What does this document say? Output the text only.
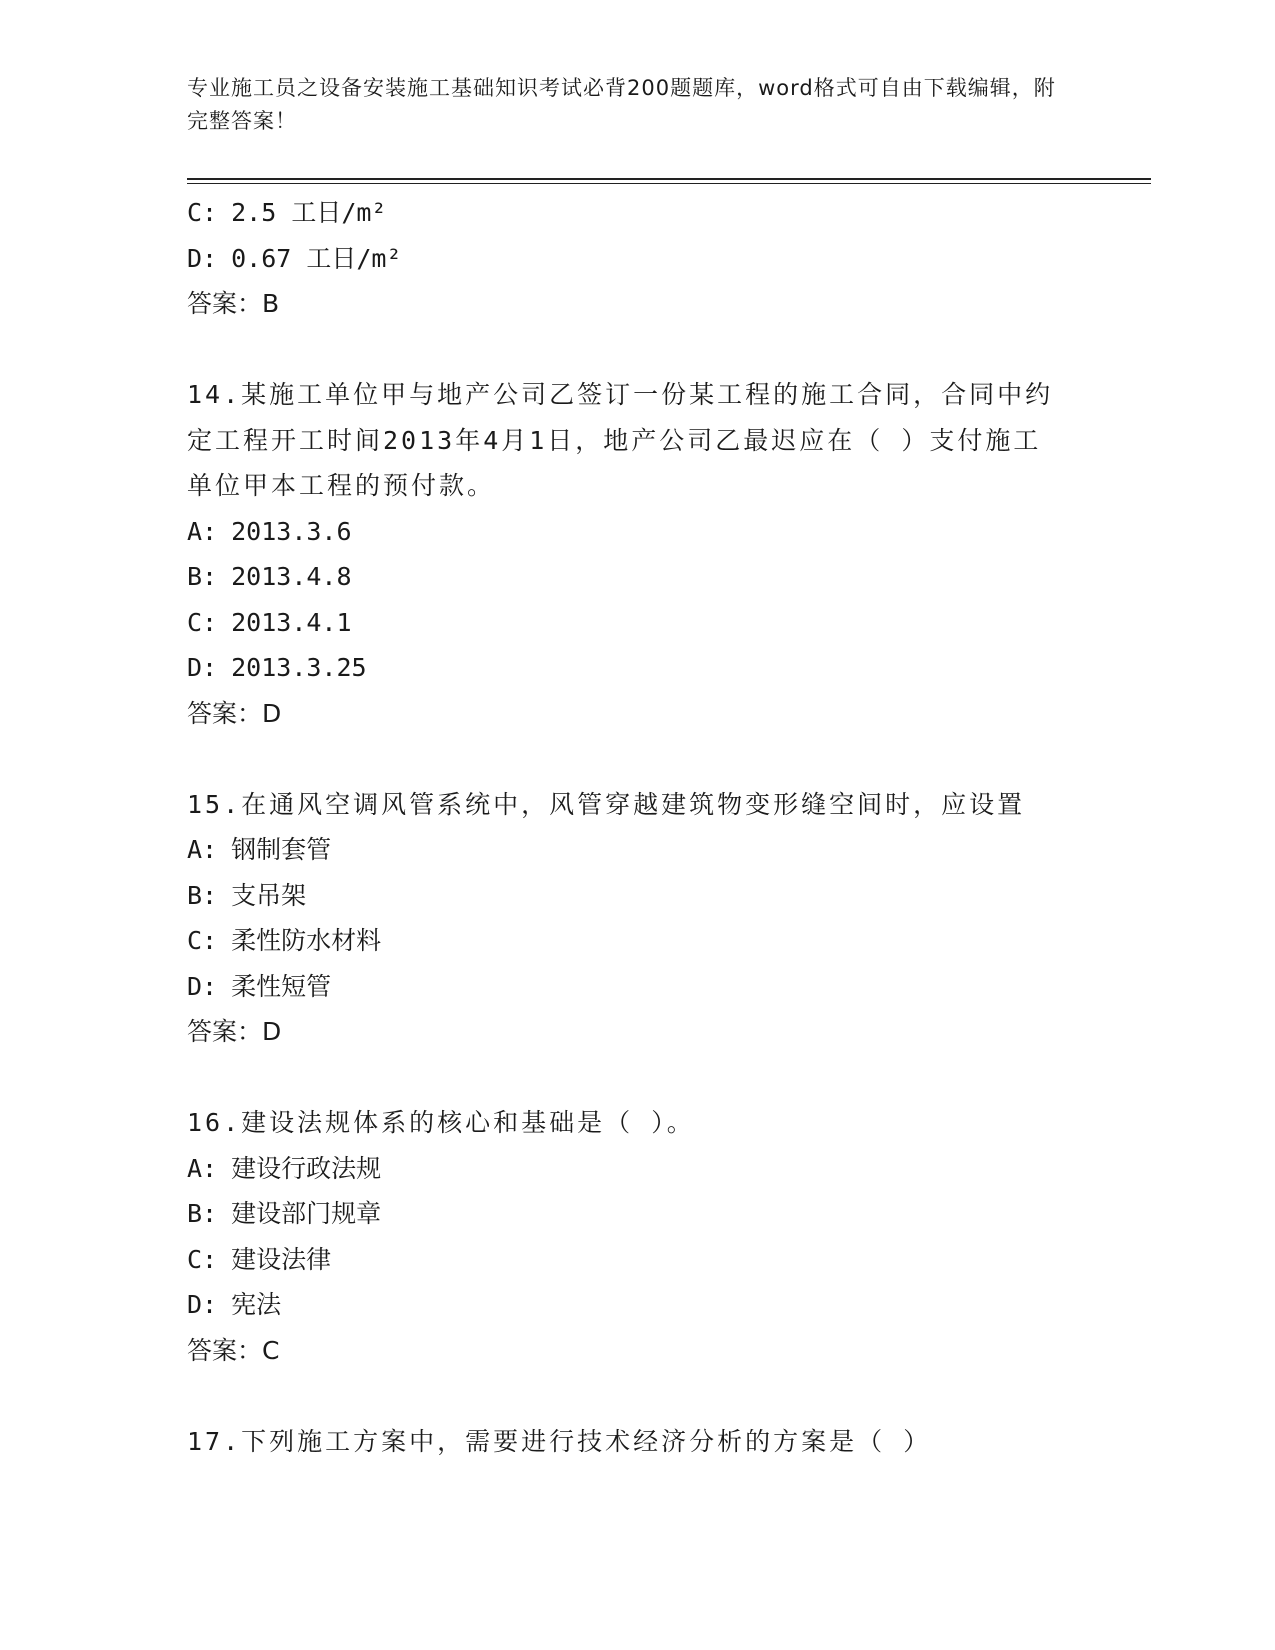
专业施工员之设备安装施工基础知识考试必背200题题库，word格式可自由下载编辑，附完整答案！
C: 2.5 工日/m²
D: 0.67 工日/m²
答案：B
14.某施工单位甲与地产公司乙签订一份某工程的施工合同，合同中约定工程开工时间2013年4月1日，地产公司乙最迟应在（ ）支付施工单位甲本工程的预付款。
A: 2013.3.6
B: 2013.4.8
C: 2013.4.1
D: 2013.3.25
答案：D
15.在通风空调风管系统中，风管穿越建筑物变形缝空间时，应设置
A: 钢制套管
B: 支吊架
C: 柔性防水材料
D: 柔性短管
答案：D
16.建设法规体系的核心和基础是（ ）。
A: 建设行政法规
B: 建设部门规章
C: 建设法律
D: 宪法
答案：C
17.下列施工方案中，需要进行技术经济分析的方案是（ ）
